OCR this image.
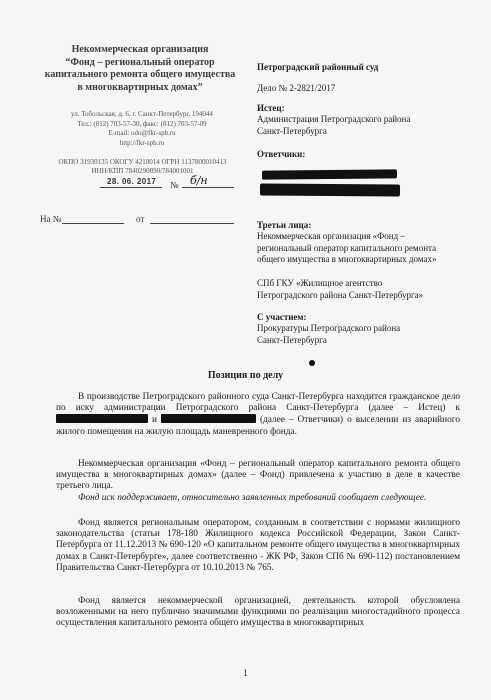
Некоммерческая организация
“Фонд – региональный оператор
капитального ремонта общего имущества
в многоквартирных домах”
ул. Тобольская, д. 6, г. Санкт-Петербург, 194044
Тел.: (812) 703-57-30, факс: (812) 703-57-09
E-mail: odo@fkr-spb.ru
http://fkr-spb.ru
ОКПО 31930135 ОКОГУ 4210014 ОГРН 1137800010413
ИНН/КПП 7840290890/784001001
28. 06. 2017 № б/н
На №	от
Петроградский районный суд
Дело № 2-2821/2017
Истец:
Администрация Петроградского района
Санкт-Петербурга
Ответчики:
Третьи лица:
Некоммерческая организация «Фонд –
региональный оператор капитального ремонта
общего имущества в многоквартирных домах»
СПб ГКУ «Жилищное агентство
Петроградского района Санкт-Петербурга»
С участием:
Прокуратуры Петроградского района
Санкт-Петербурга
Позиция по делу
В производстве Петроградского районного суда Санкт-Петербурга находится гражданское дело по иску администрации Петроградского района Санкт-Петербурга (далее – Истец) к  и	(далее – Ответчики) о выселении из аварийного жилого помещения на жилую площадь маневренного фонда.
Некоммерческая организация «Фонд – региональный оператор капитального ремонта общего имущества в многоквартирных домах» (далее – Фонд) привлечена к участию в деле в качестве третьего лица.
Фонд иск поддерживает, относительно заявленных требований сообщает следующее.
Фонд является региональным оператором, созданным в соответствии с нормами жилищного законодательства (статьи 178-180 Жилищного кодекса Российской Федерации, Закон Санкт-Петербурга от 11.12.2013 № 690-120 «О капитальном ремонте общего имущества в многоквартирных домах в Санкт-Петербурге», далее соответственно - ЖК РФ, Закон СПб № 690-112) постановлением Правительства Санкт-Петербурга от 10.10.2013 № 765.
Фонд является некоммерческой организацией, деятельность которой обусловлена возложенными на него публично значимыми функциями по реализации многостадийного процесса осуществления капитального ремонта общего имущества в многоквартирных
1
